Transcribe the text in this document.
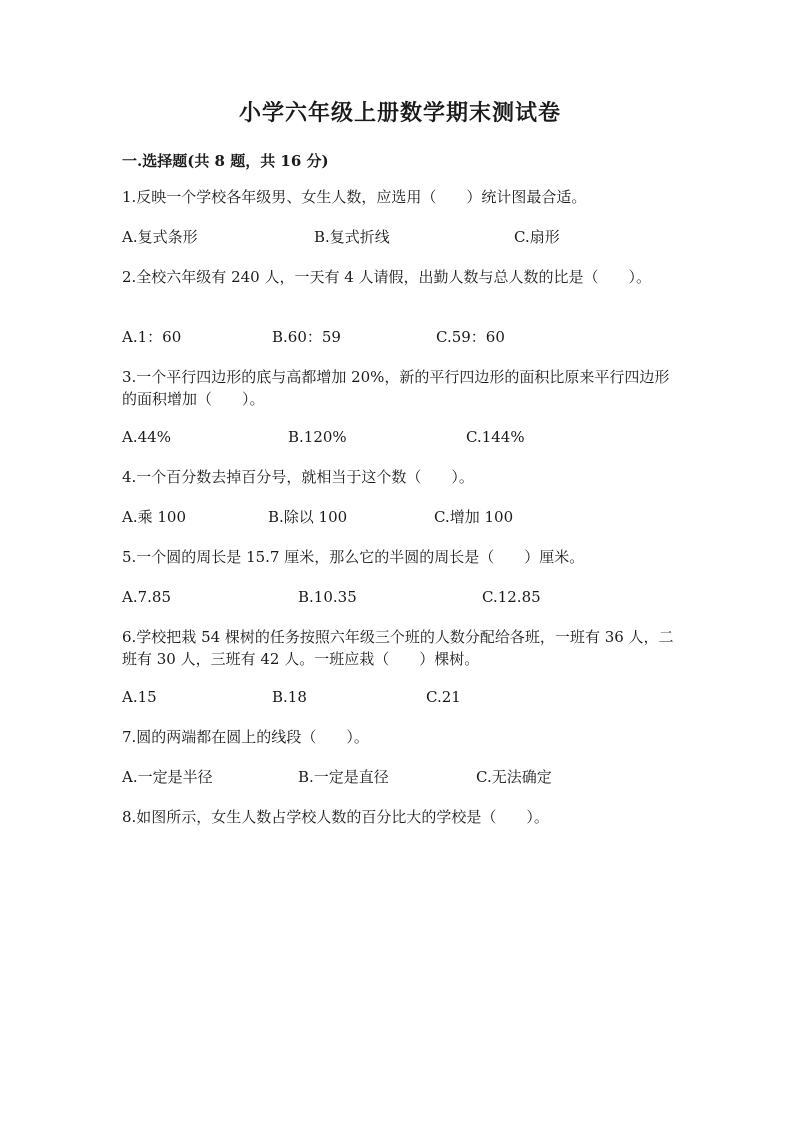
小学六年级上册数学期末测试卷
一.选择题(共 8 题，共 16 分)
1.反映一个学校各年级男、女生人数，应选用（　　）统计图最合适。
A.复式条形	B.复式折线	C.扇形
2.全校六年级有 240 人，一天有 4 人请假，出勤人数与总人数的比是（　　）。
A.1：60	B.60：59	C.59：60
3.一个平行四边形的底与高都增加 20%，新的平行四边形的面积比原来平行四边形的面积增加（　　）。
A.44%	B.120%	C.144%
4.一个百分数去掉百分号，就相当于这个数（　　）。
A.乘 100	B.除以 100	C.增加 100
5.一个圆的周长是 15.7 厘米，那么它的半圆的周长是（　　）厘米。
A.7.85	B.10.35	C.12.85
6.学校把栽 54 棵树的任务按照六年级三个班的人数分配给各班，一班有 36 人，二班有 30 人，三班有 42 人。一班应栽（　　）棵树。
A.15	B.18	C.21
7.圆的两端都在圆上的线段（　　）。
A.一定是半径	B.一定是直径	C.无法确定
8.如图所示，女生人数占学校人数的百分比大的学校是（　　）。
